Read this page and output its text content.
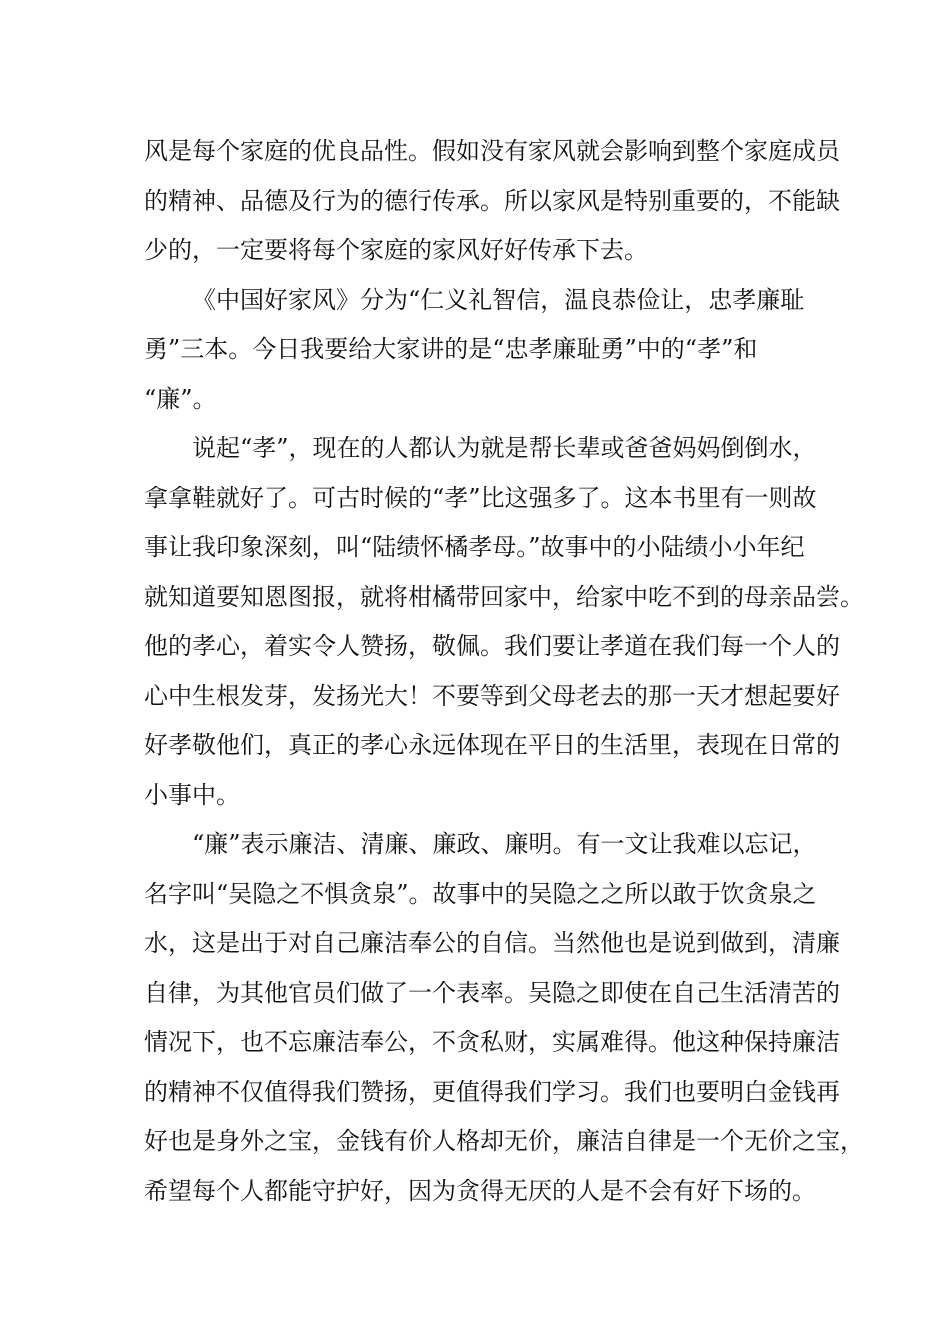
风是每个家庭的优良品性。假如没有家风就会影响到整个家庭成员
的精神、品德及行为的德行传承。所以家风是特别重要的，不能缺
少的，一定要将每个家庭的家风好好传承下去。
《中国好家风》分为“仁义礼智信，温良恭俭让，忠孝廉耻
勇”三本。今日我要给大家讲的是“忠孝廉耻勇”中的“孝”和
“廉”。
说起“孝”，现在的人都认为就是帮长辈或爸爸妈妈倒倒水，
拿拿鞋就好了。可古时候的“孝”比这强多了。这本书里有一则故
事让我印象深刻，叫“陆绩怀橘孝母。”故事中的小陆绩小小年纪
就知道要知恩图报，就将柑橘带回家中，给家中吃不到的母亲品尝。
他的孝心，着实令人赞扬，敬佩。我们要让孝道在我们每一个人的
心中生根发芽，发扬光大！不要等到父母老去的那一天才想起要好
好孝敬他们，真正的孝心永远体现在平日的生活里，表现在日常的
小事中。
“廉”表示廉洁、清廉、廉政、廉明。有一文让我难以忘记，
名字叫“吴隐之不惧贪泉”。故事中的吴隐之之所以敢于饮贪泉之
水，这是出于对自己廉洁奉公的自信。当然他也是说到做到，清廉
自律，为其他官员们做了一个表率。吴隐之即使在自己生活清苦的
情况下，也不忘廉洁奉公，不贪私财，实属难得。他这种保持廉洁
的精神不仅值得我们赞扬，更值得我们学习。我们也要明白金钱再
好也是身外之宝，金钱有价人格却无价，廉洁自律是一个无价之宝，
希望每个人都能守护好，因为贪得无厌的人是不会有好下场的。
